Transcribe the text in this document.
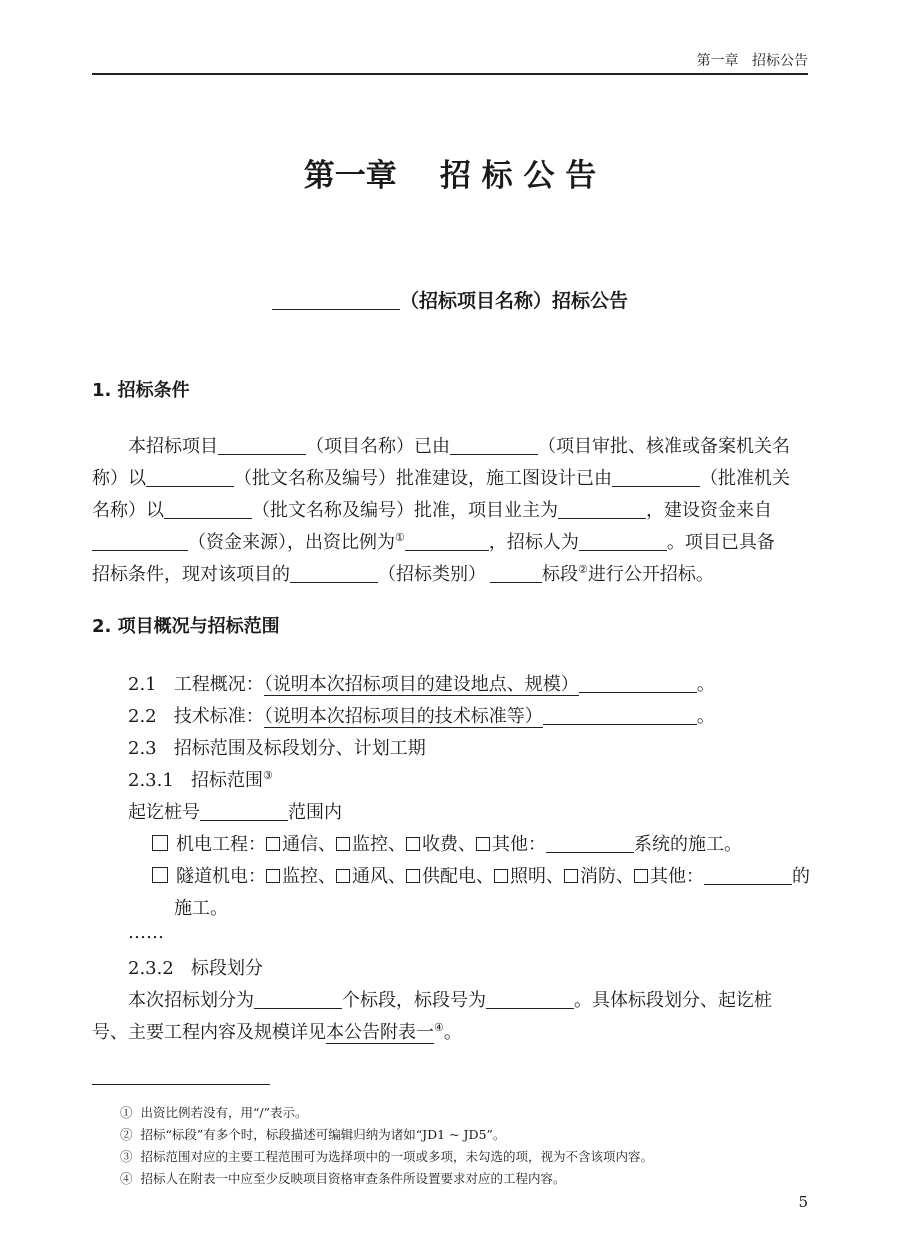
第一章 招标公告
第一章 招 标 公 告
（招标项目名称）招标公告
1. 招标条件
本招标项目	（项目名称）已由	（项目审批、核准或备案机关名
称）以	（批文名称及编号）批准建设，施工图设计已由	（批准机关
名称）以	（批文名称及编号）批准，项目业主为	，建设资金来自
（资金来源），出资比例为①	，招标人为	。项目已具备
招标条件，现对该项目的	（招标类别）	标段②进行公开招标。
2. 项目概况与招标范围
2.1 工程概况：（说明本次招标项目的建设地点、规模）	。
2.2 技术标准：（说明本次招标项目的技术标准等）	。
2.3 招标范围及标段划分、计划工期
2.3.1 招标范围③
起讫桩号	范围内
机电工程： 通信、 监控、 收费、 其他：	系统的施工。
隧道机电： 监控、 通风、 供配电、 照明、 消防、 其他：	的
施工。
……
2.3.2 标段划分
本次招标划分为	个标段，标段号为	。具体标段划分、起讫桩
号、主要工程内容及规模详见本公告附表一④。
① 出资比例若没有，用“/”表示。
② 招标“标段”有多个时，标段描述可编辑归纳为诸如“JD1 ~ JD5”。
③ 招标范围对应的主要工程范围可为选择项中的一项或多项，未勾选的项，视为不含该项内容。
④ 招标人在附表一中应至少反映项目资格审查条件所设置要求对应的工程内容。
5
